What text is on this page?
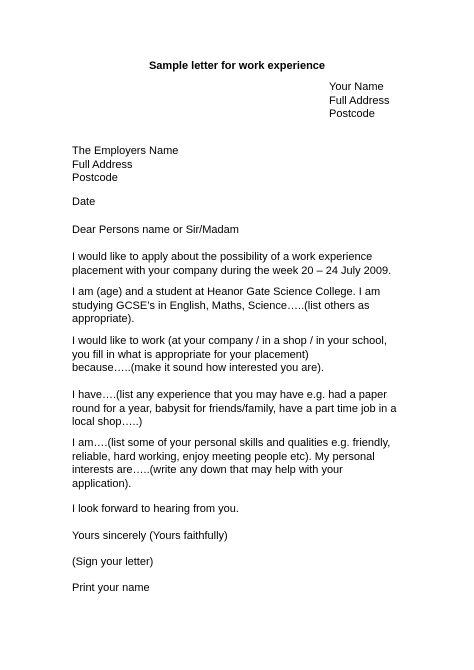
Sample letter for work experience
Your Name
Full Address
Postcode
The Employers Name
Full Address
Postcode
Date
Dear Persons name or Sir/Madam
I would like to apply about the possibility of a work experience
placement with your company during the week 20 – 24 July 2009.
I am (age) and a student at Heanor Gate Science College. I am
studying GCSE’s in English, Maths, Science…..(list others as
appropriate).
I would like to work (at your company / in a shop / in your school,
you fill in what is appropriate for your placement)
because…..(make it sound how interested you are).
I have….(list any experience that you may have e.g. had a paper
round for a year, babysit for friends/family, have a part time job in a
local shop…..)
I am….(list some of your personal skills and qualities e.g. friendly,
reliable, hard working, enjoy meeting people etc). My personal
interests are…..(write any down that may help with your
application).
I look forward to hearing from you.
Yours sincerely (Yours faithfully)
(Sign your letter)
Print your name
